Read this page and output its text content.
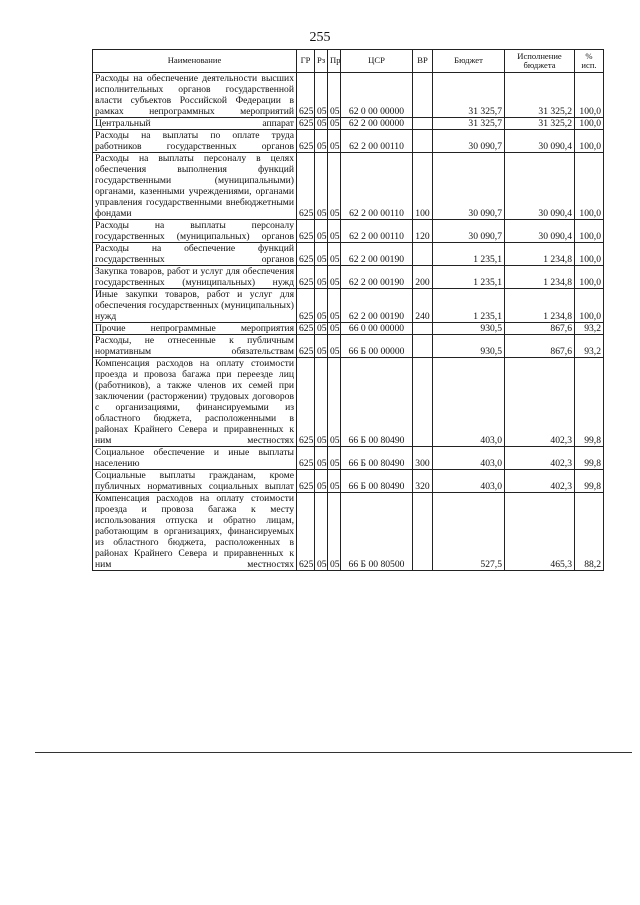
255
Наименование	ГР	Рз	Пр	ЦСР	ВР	Бюджет	Исполнение бюджета	% исп.
Расходы на обеспечение деятельности высших исполнительных органов государственной власти субъектов Российской Федерации в рамках непрограммных мероприятий	625	05	05	62 0 00 00000		31 325,7	31 325,2	100,0
Центральный аппарат	625	05	05	62 2 00 00000		31 325,7	31 325,2	100,0
Расходы на выплаты по оплате труда работников государственных органов	625	05	05	62 2 00 00110		30 090,7	30 090,4	100,0
Расходы на выплаты персоналу в целях обеспечения выполнения функций государственными (муниципальными) органами, казенными учреждениями, органами управления государственными внебюджетными фондами	625	05	05	62 2 00 00110	100	30 090,7	30 090,4	100,0
Расходы на выплаты персоналу государственных (муниципальных) органов	625	05	05	62 2 00 00110	120	30 090,7	30 090,4	100,0
Расходы на обеспечение функций государственных органов	625	05	05	62 2 00 00190		1 235,1	1 234,8	100,0
Закупка товаров, работ и услуг для обеспечения государственных (муниципальных) нужд	625	05	05	62 2 00 00190	200	1 235,1	1 234,8	100,0
Иные закупки товаров, работ и услуг для обеспечения государственных (муниципальных) нужд	625	05	05	62 2 00 00190	240	1 235,1	1 234,8	100,0
Прочие непрограммные мероприятия	625	05	05	66 0 00 00000		930,5	867,6	93,2
Расходы, не отнесенные к публичным нормативным обязательствам	625	05	05	66 Б 00 00000		930,5	867,6	93,2
Компенсация расходов на оплату стоимости проезда и провоза багажа при переезде лиц (работников), а также членов их семей при заключении (расторжении) трудовых договоров с организациями, финансируемыми из областного бюджета, расположенными в районах Крайнего Севера и приравненных к ним местностях	625	05	05	66 Б 00 80490		403,0	402,3	99,8
Социальное обеспечение и иные выплаты населению	625	05	05	66 Б 00 80490	300	403,0	402,3	99,8
Социальные выплаты гражданам, кроме публичных нормативных социальных выплат	625	05	05	66 Б 00 80490	320	403,0	402,3	99,8
Компенсация расходов на оплату стоимости проезда и провоза багажа к месту использования отпуска и обратно лицам, работающим в организациях, финансируемых из областного бюджета, расположенных в районах Крайнего Севера и приравненных к ним местностях	625	05	05	66 Б 00 80500		527,5	465,3	88,2
